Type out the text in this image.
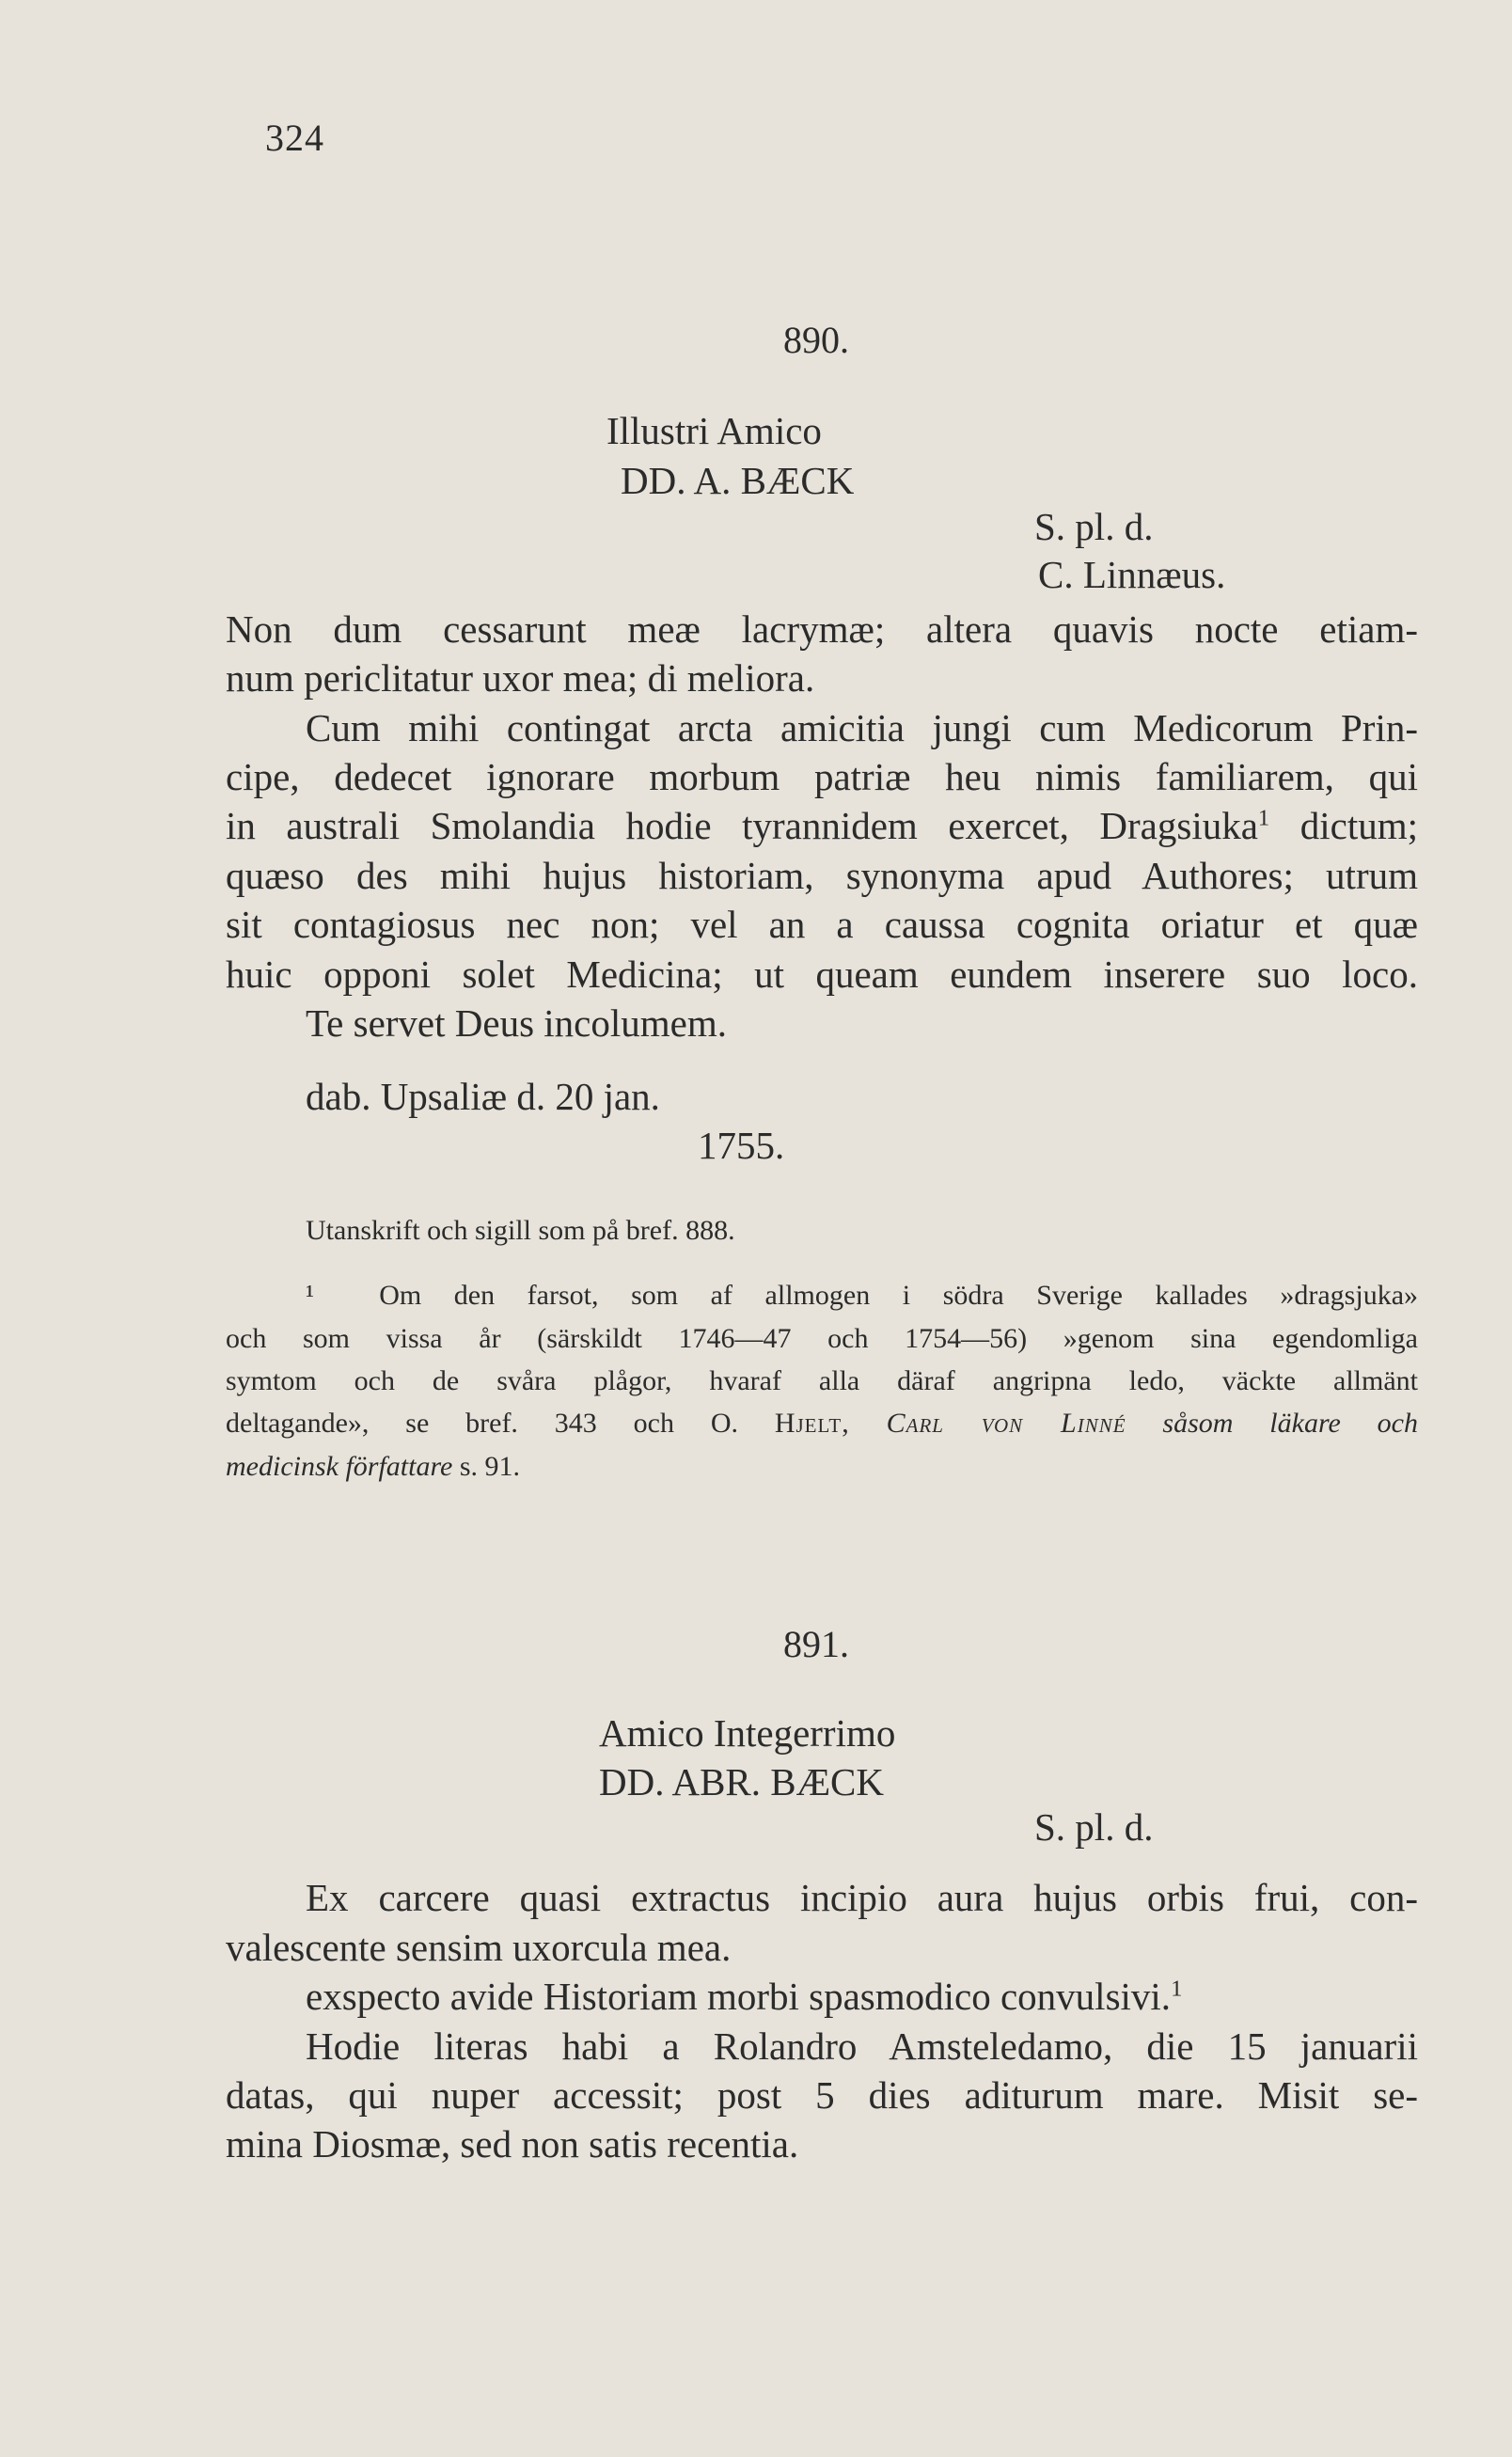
324
890.
Illustri Amico
DD. A. BÆCK
S. pl. d.
C. Linnæus.
Non dum cessarunt meæ lacrymæ; altera quavis nocte etiam-
num periclitatur uxor mea; di meliora.
Cum mihi contingat arcta amicitia jungi cum Medicorum Prin-
cipe, dedecet ignorare morbum patriæ heu nimis familiarem, qui
in australi Smolandia hodie tyrannidem exercet, Dragsiuka$^1$ dictum;
quæso des mihi hujus historiam, synonyma apud Authores; utrum
sit contagiosus nec non; vel an a caussa cognita oriatur et quæ
huic opponi solet Medicina; ut queam eundem inserere suo loco.
Te servet Deus incolumem.
dab. Upsaliæ d. 20 jan.
1755.
Utanskrift och sigill som på bref. 888.
¹ Om den farsot, som af allmogen i södra Sverige kallades »dragsjuka»
och som vissa år (särskildt 1746—47 och 1754—56) »genom sina egendomliga
symtom och de svåra plågor, hvaraf alla däraf angripna ledo, väckte allmänt
deltagande», se bref. 343 och O. Hjelt, Carl von Linné såsom läkare och
medicinsk författare s. 91.
891.
Amico Integerrimo
DD. ABR. BÆCK
S. pl. d.
Ex carcere quasi extractus incipio aura hujus orbis frui, con-
valescente sensim uxorcula mea.
exspecto avide Historiam morbi spasmodico convulsivi.$^1$
Hodie literas habi a Rolandro Amsteledamo, die 15 januarii
datas, qui nuper accessit; post 5 dies aditurum mare. Misit se-
mina Diosmæ, sed non satis recentia.
